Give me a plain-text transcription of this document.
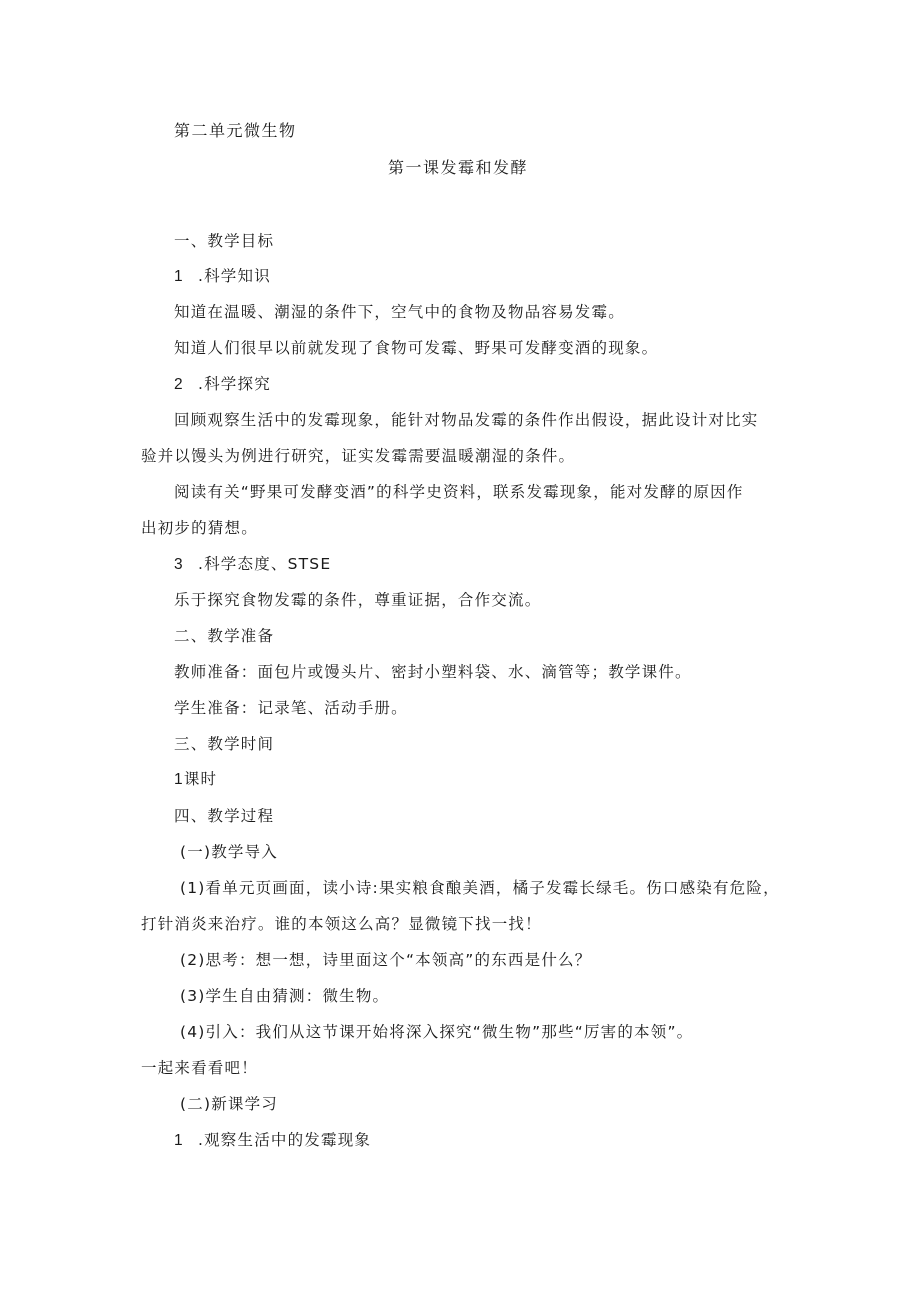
第二单元微生物
第一课发霉和发酵
一、教学目标
1 .科学知识
知道在温暖、潮湿的条件下，空气中的食物及物品容易发霉。
知道人们很早以前就发现了食物可发霉、野果可发酵变酒的现象。
2 .科学探究
回顾观察生活中的发霉现象，能针对物品发霉的条件作出假设，据此设计对比实
验并以馒头为例进行研究，证实发霉需要温暖潮湿的条件。
阅读有关“野果可发酵变酒”的科学史资料，联系发霉现象，能对发酵的原因作
出初步的猜想。
3 .科学态度、STSE
乐于探究食物发霉的条件，尊重证据，合作交流。
二、教学准备
教师准备：面包片或馒头片、密封小塑料袋、水、滴管等；教学课件。
学生准备：记录笔、活动手册。
三、教学时间
1课时
四、教学过程
(一)教学导入
(1)看单元页画面，读小诗:果实粮食酿美酒，橘子发霉长绿毛。伤口感染有危险，
打针消炎来治疗。谁的本领这么高？显微镜下找一找！
(2)思考：想一想，诗里面这个“本领高”的东西是什么？
(3)学生自由猜测：微生物。
(4)引入：我们从这节课开始将深入探究“微生物”那些“厉害的本领”。
一起来看看吧！
(二)新课学习
1 .观察生活中的发霉现象
